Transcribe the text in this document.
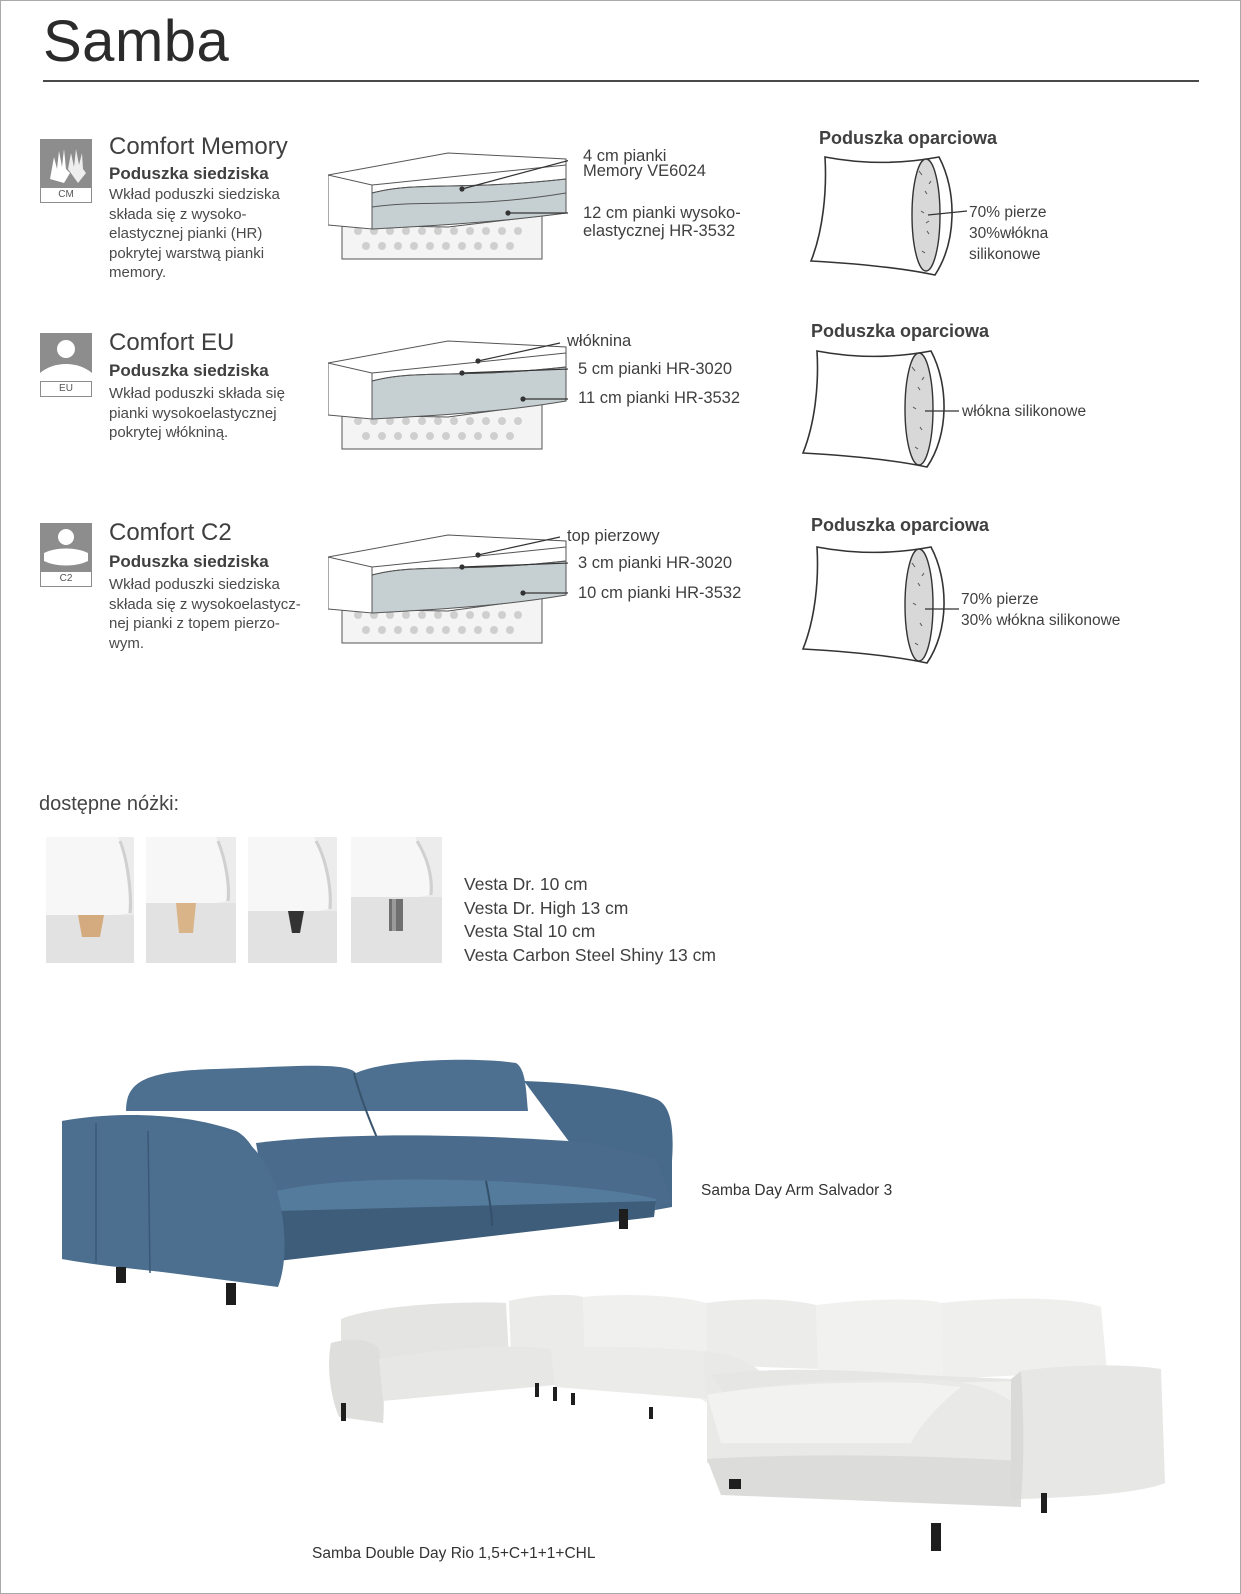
Samba
CM
Comfort Memory
Poduszka siedziska
Wkład poduszki siedziska
składa się z wysoko-
elastycznej pianki (HR)
pokrytej warstwą pianki
memory.
4 cm pianki
Memory VE6024
12 cm pianki wysoko-
elastycznej HR-3532
Poduszka oparciowa
70% pierze
30%włókna
silikonowe
EU
Comfort EU
Poduszka siedziska
Wkład poduszki składa się
pianki wysokoelastycznej
pokrytej włókniną.
włóknina
5 cm pianki HR-3020
11 cm pianki HR-3532
Poduszka oparciowa
włókna silikonowe
C2
Comfort C2
Poduszka siedziska
Wkład poduszki siedziska
składa się z wysokoelastycz-
nej pianki z topem pierzo-
wym.
top pierzowy
3 cm pianki HR-3020
10 cm pianki HR-3532
Poduszka oparciowa
70% pierze
30% włókna silikonowe
dostępne nóżki:
Vesta Dr. 10 cm
Vesta Dr. High 13 cm
Vesta Stal 10 cm
Vesta Carbon Steel Shiny 13 cm
Samba Day Arm Salvador 3
Samba Double Day Rio 1,5+C+1+1+CHL
